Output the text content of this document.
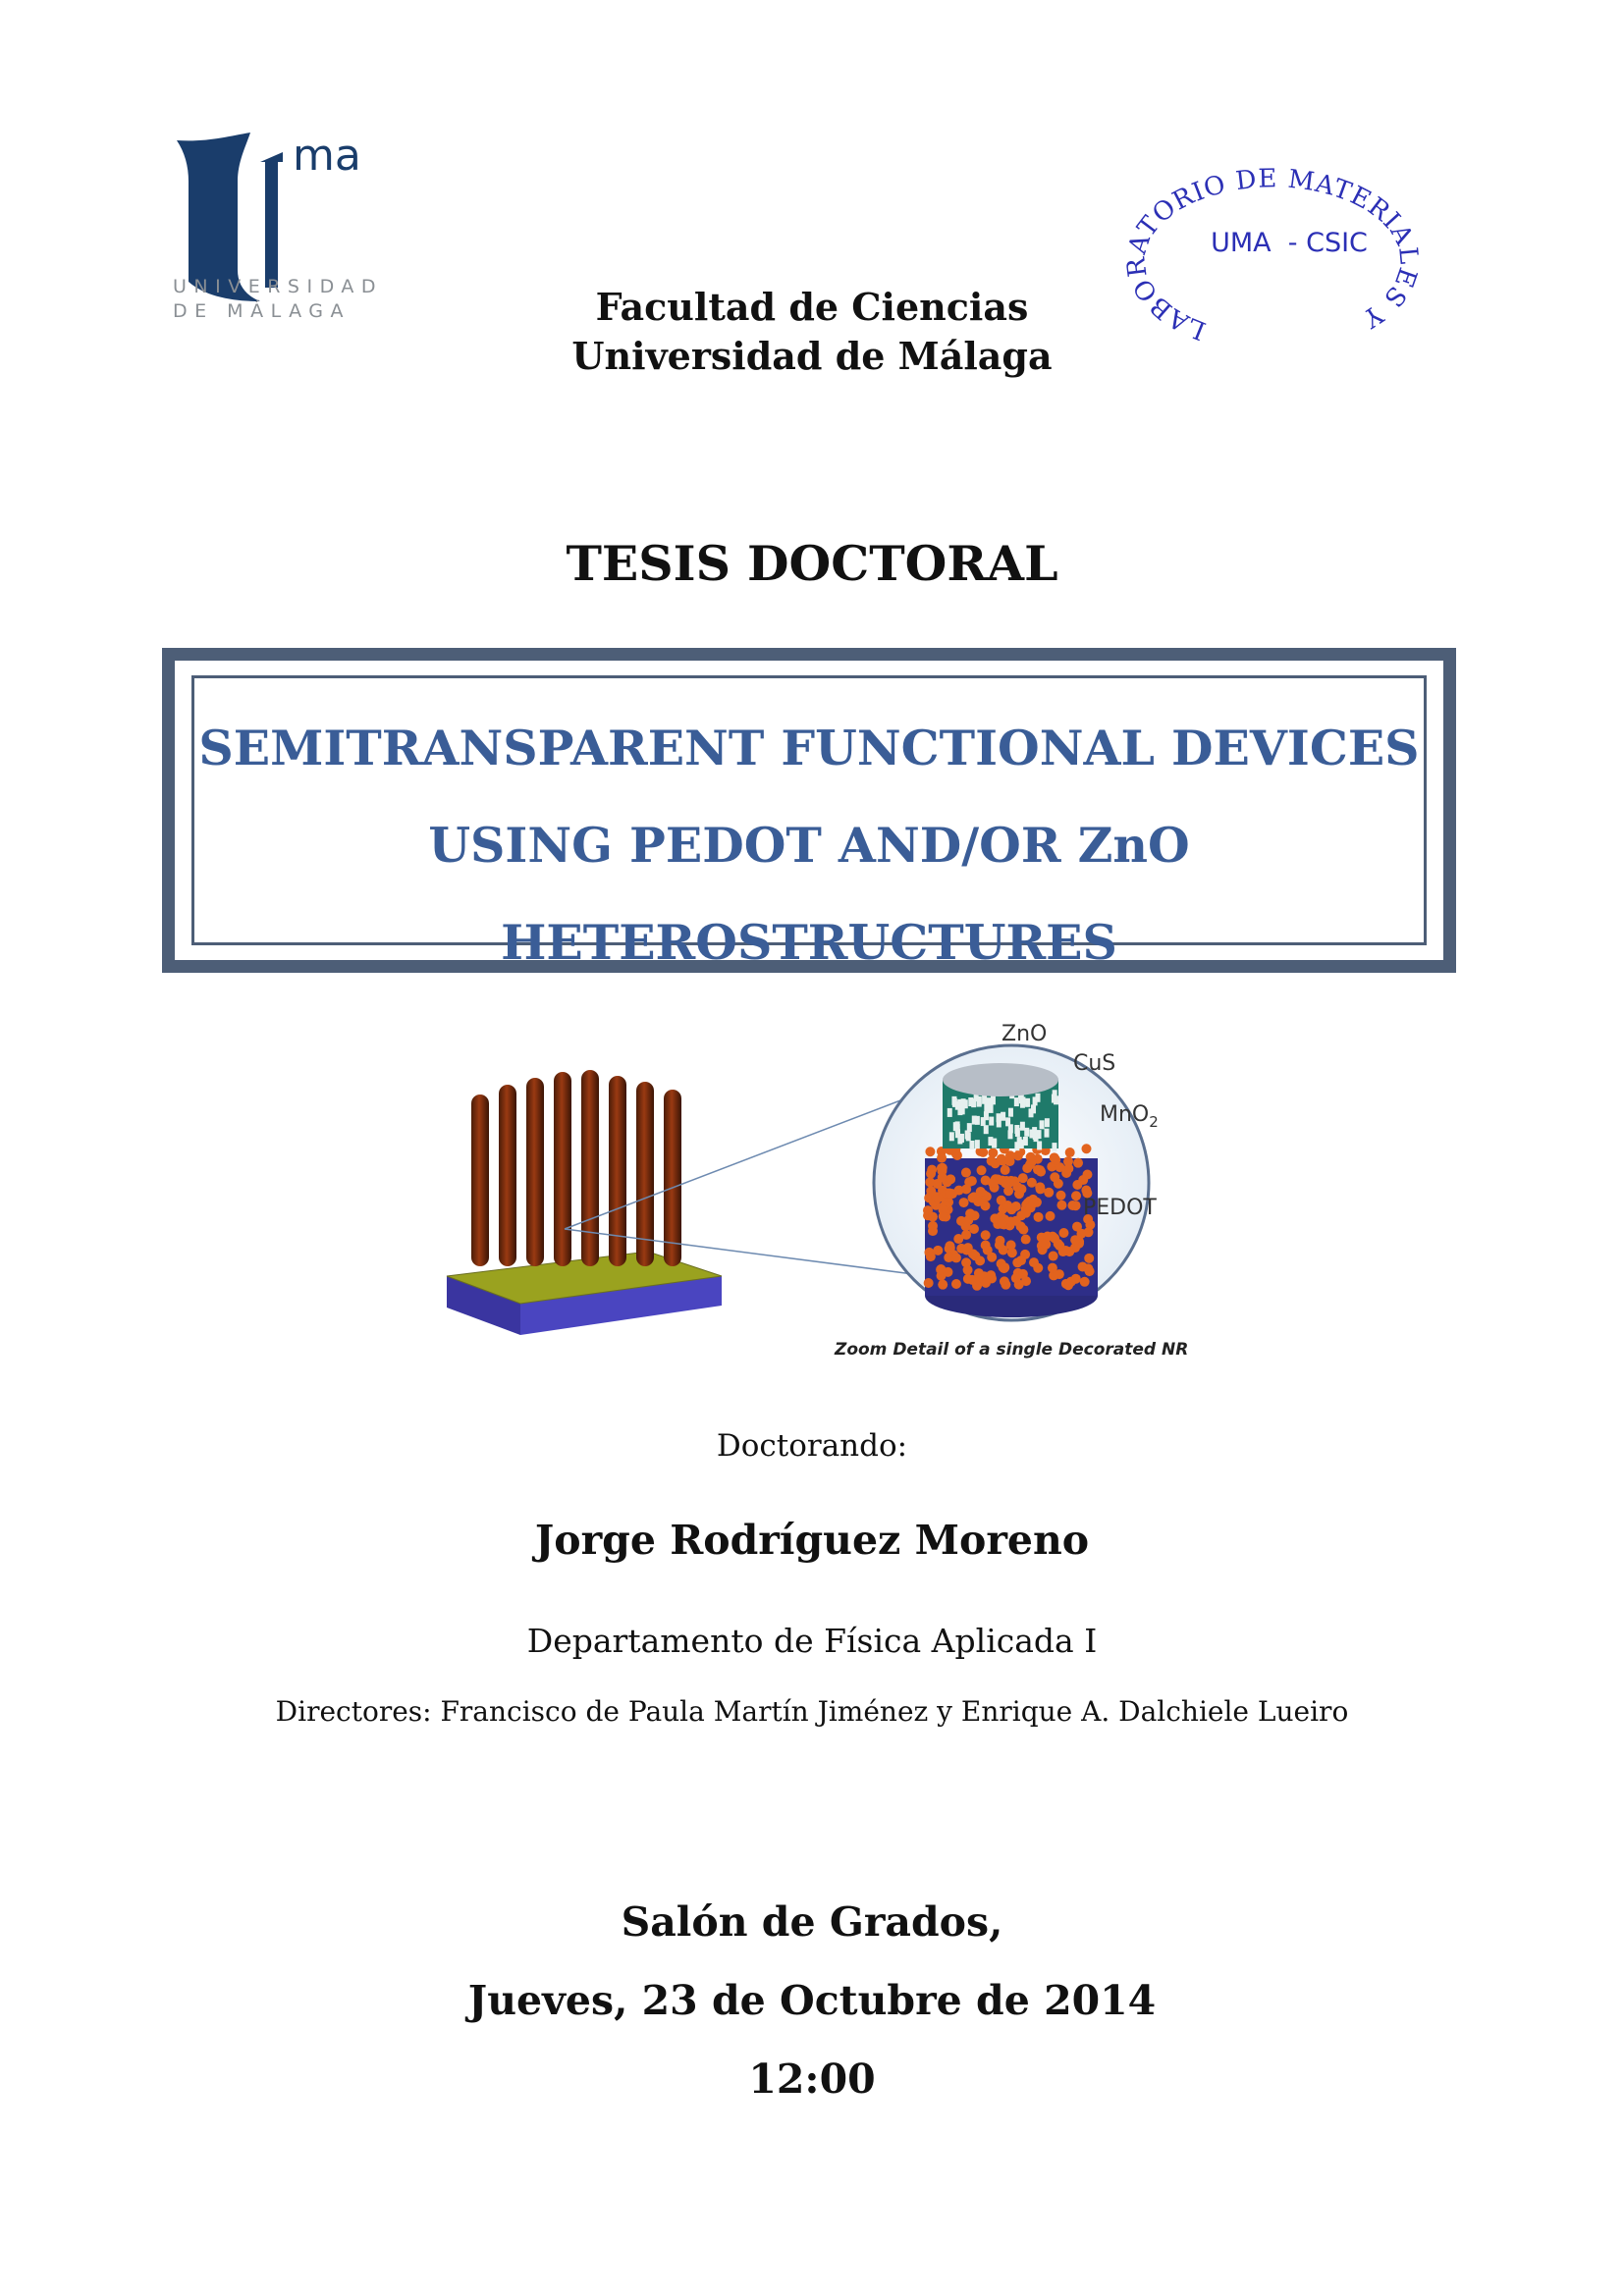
ma
UNIVERSIDAD
DE MÁLAGA	LABORATORIO DE MATERIALES Y
UMA  - CSIC
Facultad de Ciencias
Universidad de Málaga
TESIS DOCTORAL
SEMITRANSPARENT FUNCTIONAL DEVICES
USING PEDOT AND/OR ZnO
HETEROSTRUCTURES
ZnO
CuS
MnO$_2$
PEDOT
Zoom Detail of a single Decorated NR
Doctorando:
Jorge Rodríguez Moreno
Departamento de Física Aplicada I
Directores: Francisco de Paula Martín Jiménez y Enrique A. Dalchiele Lueiro
Salón de Grados,
Jueves, 23 de Octubre de 2014
12:00
